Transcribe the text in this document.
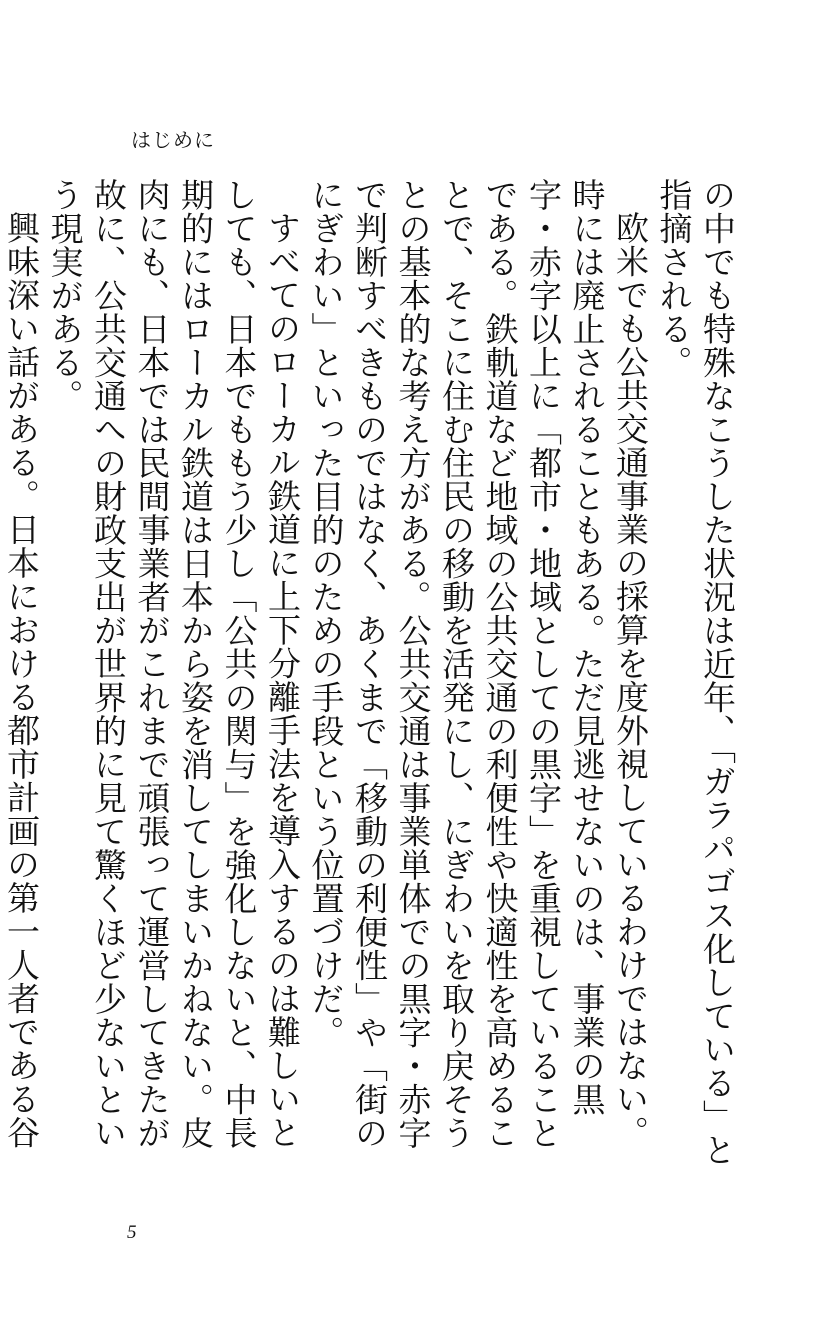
はじめに

の中でも特殊なこうした状況は近年、「ガラパゴス化している」と指摘される。

欧米でも公共交通事業の採算を度外視しているわけではない。時には廃止されることもある。ただ見逃せないのは、事業の黒字・赤字以上に「都市・地域としての黒字」を重視していることである。鉄軌道など地域の公共交通の利便性や快適性を高めることで、そこに住む住民の移動を活発にし、にぎわいを取り戻そうとの基本的な考え方がある。公共交通は事業単体での黒字・赤字で判断すべきものではなく、あくまで「移動の利便性」や「街のにぎわい」といった目的のための手段という位置づけだ。

すべてのローカル鉄道に上下分離手法を導入するのは難しいとしても、日本でももう少し「公共の関与」を強化しないと、中長期的にはローカル鉄道は日本から姿を消してしまいかねない。皮肉にも、日本では民間事業者がこれまで頑張って運営してきたが故に、公共交通への財政支出が世界的に見て驚くほど少ないという現実がある。

興味深い話がある。日本における都市計画の第一人者である谷

5
